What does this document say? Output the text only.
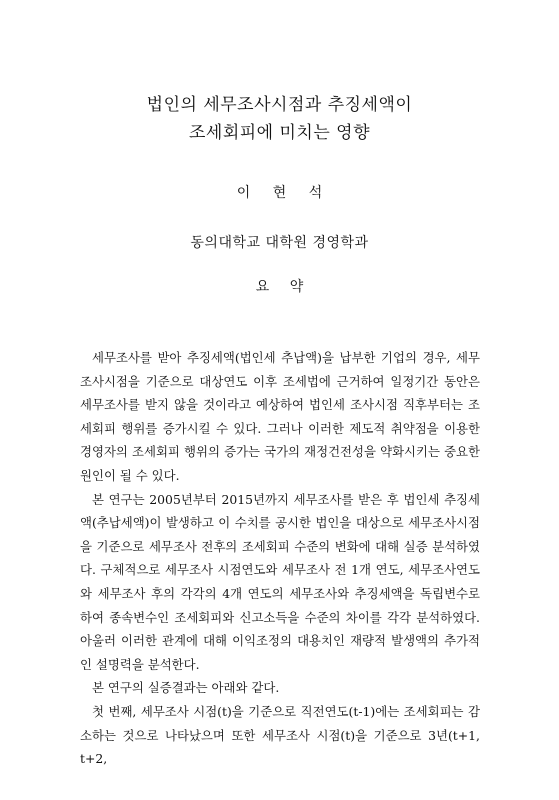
법인의 세무조사시점과 추징세액이
조세회피에 미치는 영향
이 현 석
동의대학교 대학원 경영학과
요 약

세무조사를 받아 추징세액(법인세 추납액)을 납부한 기업의 경우, 세무조사시점을 기준으로 대상연도 이후 조세법에 근거하여 일정기간 동안은 세무조사를 받지 않을 것이라고 예상하여 법인세 조사시점 직후부터는 조세회피 행위를 증가시킬 수 있다. 그러나 이러한 제도적 취약점을 이용한 경영자의 조세회피 행위의 증가는 국가의 재정건전성을 약화시키는 중요한 원인이 될 수 있다.

본 연구는 2005년부터 2015년까지 세무조사를 받은 후 법인세 추징세액(추납세액)이 발생하고 이 수치를 공시한 법인을 대상으로 세무조사시점을 기준으로 세무조사 전후의 조세회피 수준의 변화에 대해 실증 분석하였다. 구체적으로 세무조사 시점연도와 세무조사 전 1개 연도, 세무조사연도와 세무조사 후의 각각의 4개 연도의 세무조사와 추징세액을 독립변수로 하여 종속변수인 조세회피와 신고소득을 수준의 차이를 각각 분석하였다. 아울러 이러한 관계에 대해 이익조정의 대용치인 재량적 발생액의 추가적인 설명력을 분석한다.

본 연구의 실증결과는 아래와 같다.

첫 번째, 세무조사 시점(t)을 기준으로 직전연도(t-1)에는 조세회피는 감소하는 것으로 나타났으며 또한 세무조사 시점(t)을 기준으로 3년(t+1, t+2,
